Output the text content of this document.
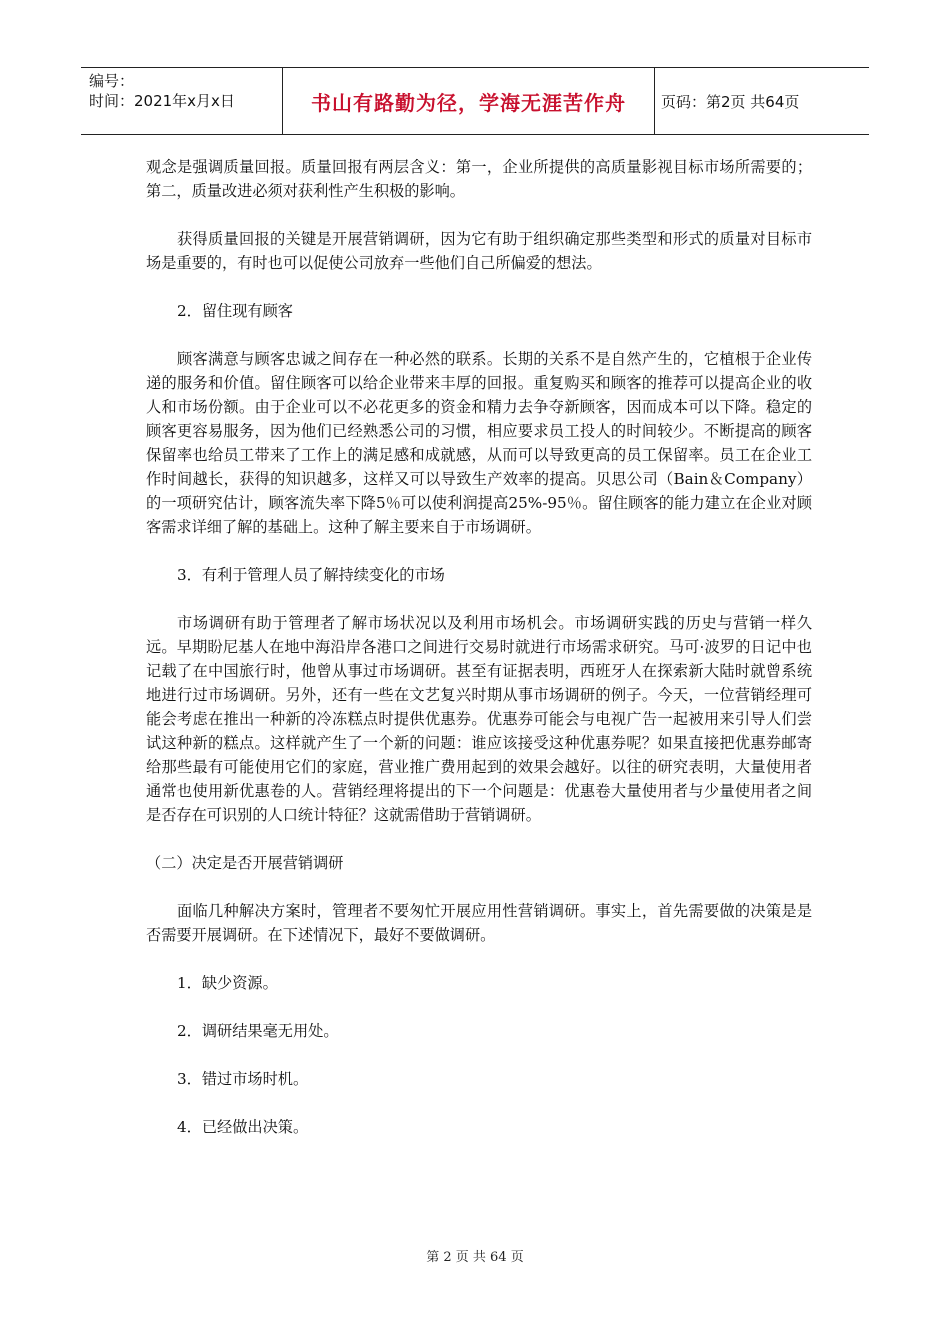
编号：
时间：2021年x月x日	书山有路勤为径，学海无涯苦作舟	页码：第2页 共64页

观念是强调质量回报。质量回报有两层含义：第一，企业所提供的高质量影视目标市场所需要的；第二，质量改进必须对获利性产生积极的影响。

获得质量回报的关键是开展营销调研，因为它有助于组织确定那些类型和形式的质量对目标市场是重要的，有时也可以促使公司放弃一些他们自己所偏爱的想法。

2．留住现有顾客

顾客满意与顾客忠诚之间存在一种必然的联系。长期的关系不是自然产生的，它植根于企业传递的服务和价值。留住顾客可以给企业带来丰厚的回报。重复购买和顾客的推荐可以提高企业的收人和市场份额。由于企业可以不必花更多的资金和精力去争夺新顾客，因而成本可以下降。稳定的顾客更容易服务，因为他们已经熟悉公司的习惯，相应要求员工投人的时间较少。不断提高的顾客保留率也给员工带来了工作上的满足感和成就感，从而可以导致更高的员工保留率。员工在企业工作时间越长，获得的知识越多，这样又可以导致生产效率的提高。贝思公司（Bain＆Company）的一项研究估计，顾客流失率下降5％可以使利润提高25%-95％。留住顾客的能力建立在企业对顾客需求详细了解的基础上。这种了解主要来自于市场调研。

3．有利于管理人员了解持续变化的市场

市场调研有助于管理者了解市场状况以及利用市场机会。市场调研实践的历史与营销一样久远。早期盼尼基人在地中海沿岸各港口之间进行交易时就进行市场需求研究。马可·波罗的日记中也记载了在中国旅行时，他曾从事过市场调研。甚至有证据表明，西班牙人在探索新大陆时就曾系统地进行过市场调研。另外，还有一些在文艺复兴时期从事市场调研的例子。今天，一位营销经理可能会考虑在推出一种新的冷冻糕点时提供优惠券。优惠券可能会与电视广告一起被用来引导人们尝试这种新的糕点。这样就产生了一个新的问题：谁应该接受这种优惠券呢？如果直接把优惠券邮寄给那些最有可能使用它们的家庭，营业推广费用起到的效果会越好。以往的研究表明，大量使用者通常也使用新优惠卷的人。营销经理将提出的下一个问题是：优惠卷大量使用者与少量使用者之间是否存在可识别的人口统计特征？这就需借助于营销调研。

（二）决定是否开展营销调研

面临几种解决方案时，管理者不要匆忙开展应用性营销调研。事实上，首先需要做的决策是是否需要开展调研。在下述情况下，最好不要做调研。

1．缺少资源。

2．调研结果毫无用处。

3．错过市场时机。

4．已经做出决策。

第 2 页 共 64 页
